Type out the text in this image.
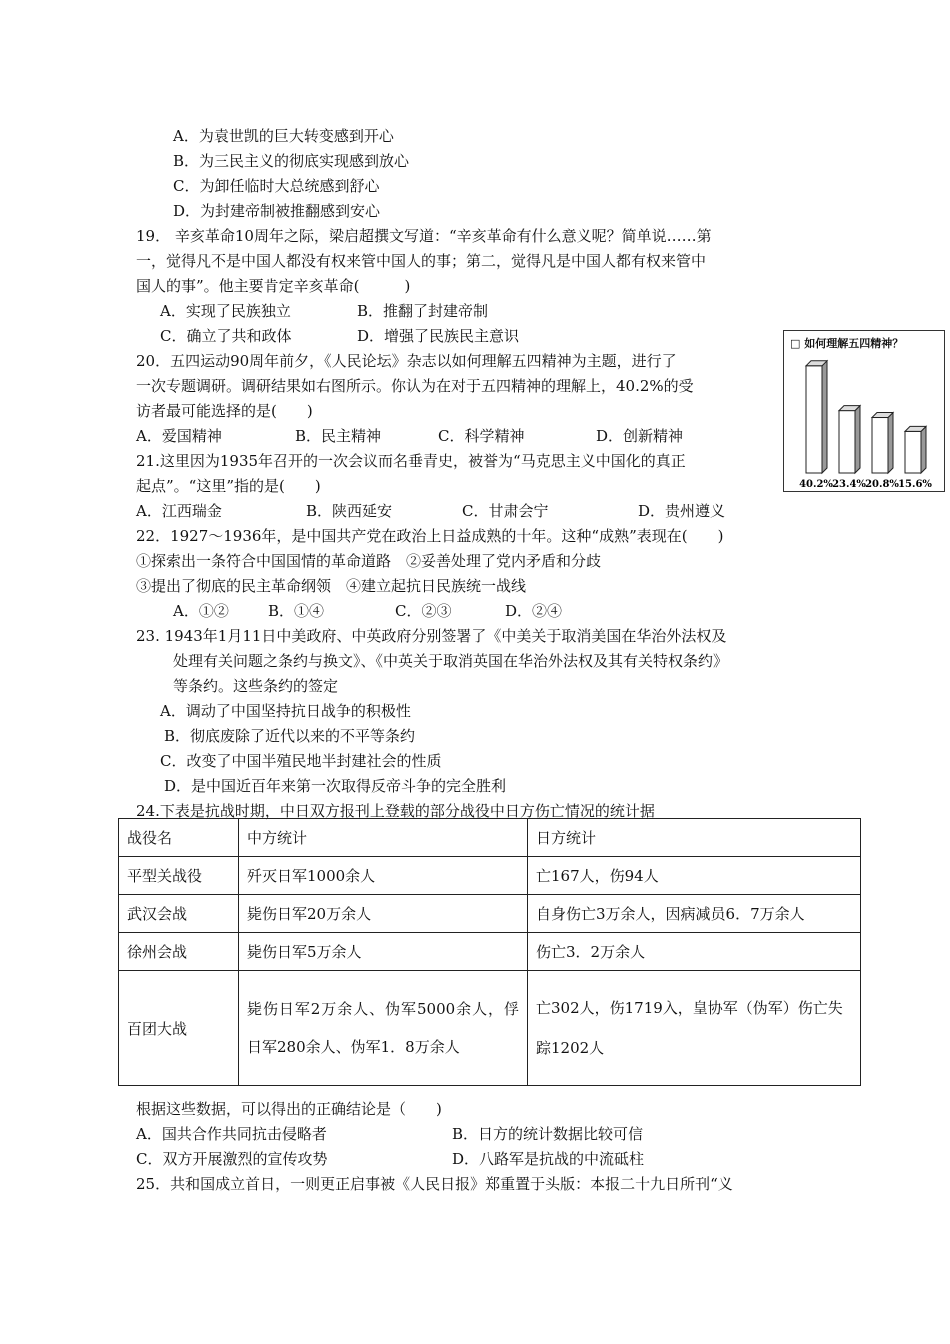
A．为袁世凯的巨大转变感到开心
B．为三民主义的彻底实现感到放心
C．为卸任临时大总统感到舒心
D．为封建帝制被推翻感到安心
19． 辛亥革命10周年之际，梁启超撰文写道：“辛亥革命有什么意义呢？简单说……第
一，觉得凡不是中国人都没有权来管中国人的事；第二，觉得凡是中国人都有权来管中
国人的事”。他主要肯定辛亥革命(　　　)
A．实现了民族独立	B．推翻了封建帝制
C．确立了共和政体	D．增强了民族民主意识
20．五四运动90周年前夕，《人民论坛》杂志以如何理解五四精神为主题，进行了
一次专题调研。调研结果如右图所示。你认为在对于五四精神的理解上，40.2%的受
访者最可能选择的是(　　)
A．爱国精神	B．民主精神	C．科学精神	D．创新精神
□ 如何理解五四精神？
40.2% 23.4% 20.8% 15.6%
21.这里因为1935年召开的一次会议而名垂青史，被誉为“马克思主义中国化的真正
起点”。“这里”指的是(　　)
A．江西瑞金	B．陕西延安	C．甘肃会宁	D．贵州遵义
22．1927～1936年，是中国共产党在政治上日益成熟的十年。这种“成熟”表现在(　　)
①探索出一条符合中国国情的革命道路　②妥善处理了党内矛盾和分歧
③提出了彻底的民主革命纲领　④建立起抗日民族统一战线
A．①②	B．①④	C．②③	D．②④
23. 1943年1月11日中美政府、中英政府分别签署了《中美关于取消美国在华治外法权及
处理有关问题之条约与换文》、《中英关于取消英国在华治外法权及其有关特权条约》
等条约。这些条约的签定
A．调动了中国坚持抗日战争的积极性
B．彻底废除了近代以来的不平等条约
C．改变了中国半殖民地半封建社会的性质
D．是中国近百年来第一次取得反帝斗争的完全胜利
24.下表是抗战时期，中日双方报刊上登载的部分战役中日方伤亡情况的统计据
战役名	中方统计	日方统计
平型关战役	歼灭日军1000余人	亡167人，伤94人
武汉会战	毙伤日军20万余人	自身伤亡3万余人，因病减员6．7万余人
徐州会战	毙伤日军5万余人	伤亡3．2万余人
百团大战	毙伤日军2万余人、伪军5000余人，俘日军280余人、伪军1．8万余人	亡302人，伤1719入，皇协军（伪军）伤亡失踪1202人
根据这些数据，可以得出的正确结论是（　　)
A．国共合作共同抗击侵略者	B．日方的统计数据比较可信
C．双方开展激烈的宣传攻势	D．八路军是抗战的中流砥柱
25．共和国成立首日，一则更正启事被《人民日报》郑重置于头版：本报二十九日所刊“义
